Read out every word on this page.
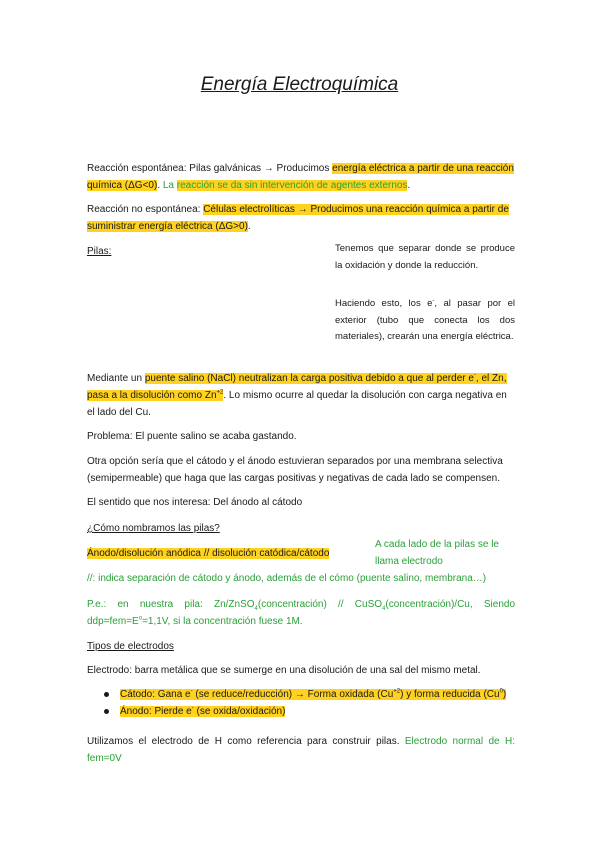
Energía Electroquímica

Reacción espontánea: Pilas galvánicas → Producimos energía eléctrica a partir de una reacción
química (ΔG<0). La reacción se da sin intervención de agentes externos.

Reacción no espontánea: Células electrolíticas → Producimos una reacción química a partir de
suministrar energía eléctrica (ΔG>0).

Pilas:	Tenemos que separar donde se produce la oxidación y donde la reducción.

Haciendo esto, los e-, al pasar por el exterior (tubo que conecta los dos materiales), crearán una energía eléctrica.

Mediante un puente salino (NaCl) neutralizan la carga positiva debido a que al perder e-, el Zn,
pasa a la disolución como $Zn^{+2}$. Lo mismo ocurre al quedar la disolución con carga negativa en el lado del Cu.

Problema: El puente salino se acaba gastando.

Otra opción sería que el cátodo y el ánodo estuvieran separados por una membrana selectiva (semipermeable) que haga que las cargas positivas y negativas de cada lado se compensen.

El sentido que nos interesa: Del ánodo al cátodo

¿Cómo nombramos las pilas?

Ánodo/disolución anódica // disolución catódica/cátodo

A cada lado de la pilas se le llama electrodo

//: indica separación de cátodo y ánodo, además de el cómo (puente salino, membrana…)

P.e.: en nuestra pila: Zn/ZnSO$_4$(concentración) // CuSO$_4$(concentración)/Cu, Siendo $ddp=fem=E^o=1,1V$, si la concentración fuese 1M.

Tipos de electrodos

Electrodo: barra metálica que se sumerge en una disolución de una sal del mismo metal.

Cátodo: Gana e- (se reduce/reducción) → Forma oxidada $(Cu^{+2})$ y forma reducida (Cu$^0$)
Ánodo: Pierde e- (se oxida/oxidación)

Utilizamos el electrodo de H como referencia para construir pilas. Electrodo normal de H: fem=0V
